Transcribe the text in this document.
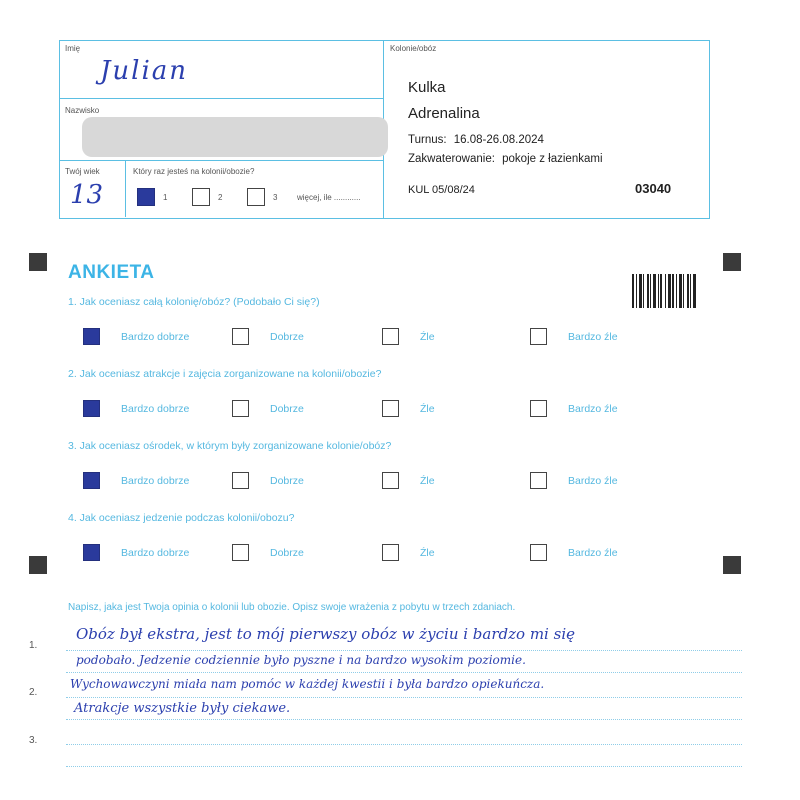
Imię
Julian
Nazwisko
Twój wiek
13
Który raz jesteś na kolonii/obozie?
1	2	3 więcej, ile ............
Kolonie/obóz
Kulka
Adrenalina
Turnus: 16.08-26.08.2024
Zakwaterowanie: pokoje z łazienkami
KUL 05/08/24	03040
ANKIETA
1. Jak oceniasz całą kolonię/obóz? (Podobało Ci się?)
Bardzo dobrze	Dobrze	Źle	Bardzo źle
2. Jak oceniasz atrakcje i zajęcia zorganizowane na kolonii/obozie?
Bardzo dobrze	Dobrze	Źle	Bardzo źle
3. Jak oceniasz ośrodek, w którym były zorganizowane kolonie/obóz?
Bardzo dobrze	Dobrze	Źle	Bardzo źle
4. Jak oceniasz jedzenie podczas kolonii/obozu?
Bardzo dobrze	Dobrze	Źle	Bardzo źle
Napisz, jaka jest Twoja opinia o kolonii lub obozie. Opisz swoje wrażenia z pobytu w trzech zdaniach.
1.
2.
3.
Obóz był ekstra, jest to mój pierwszy obóz w życiu i bardzo mi się
podobało. Jedzenie codziennie było pyszne i na bardzo wysokim poziomie.
Wychowawczyni miała nam pomóc w każdej kwestii i była bardzo opiekuńcza.
Atrakcje wszystkie były ciekawe.
